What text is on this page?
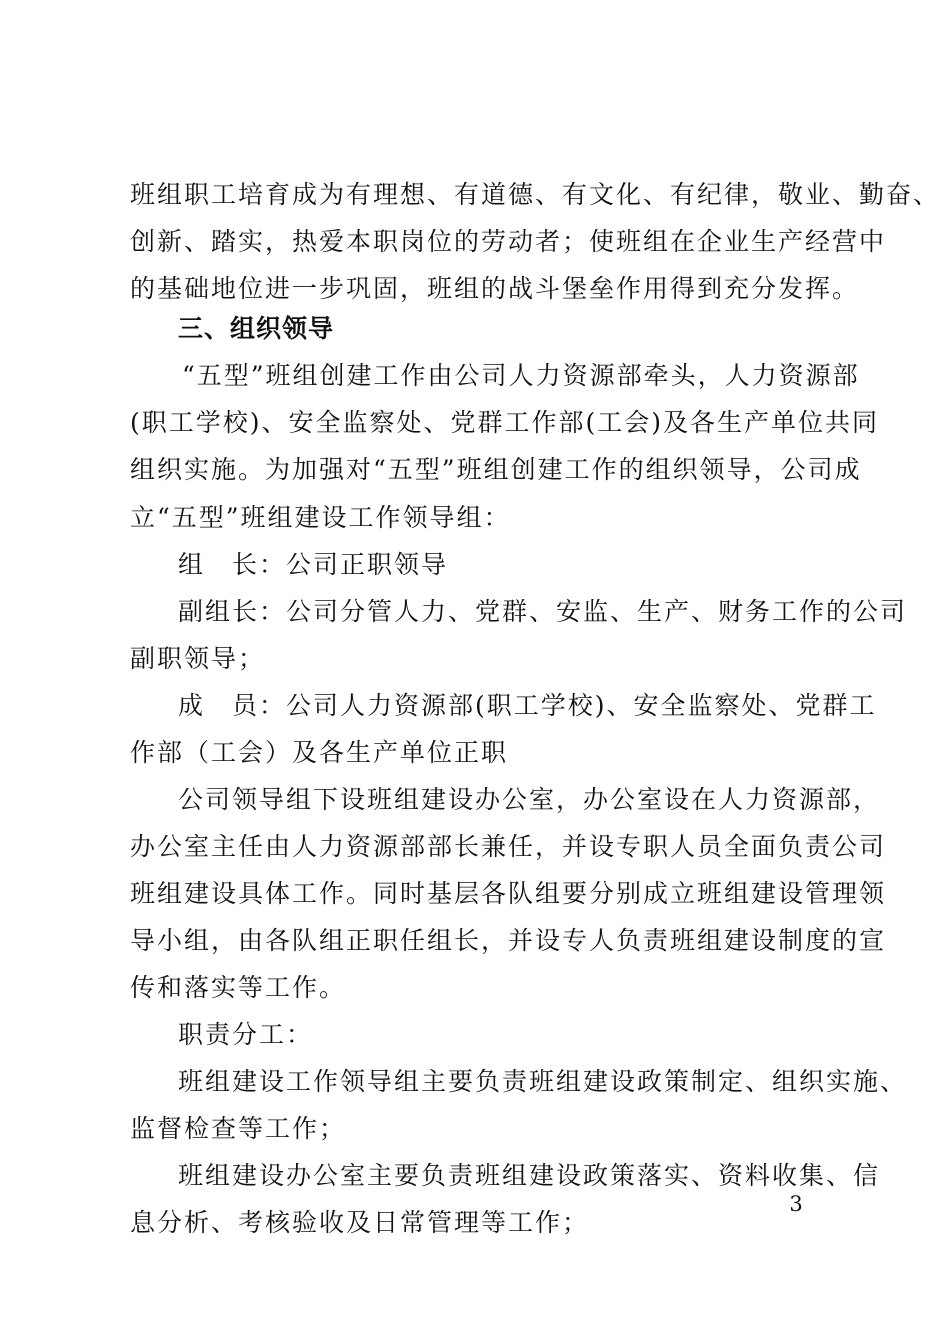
班组职工培育成为有理想、有道德、有文化、有纪律，敬业、勤奋、
创新、踏实，热爱本职岗位的劳动者；使班组在企业生产经营中
的基础地位进一步巩固，班组的战斗堡垒作用得到充分发挥。
三、组织领导
“五型”班组创建工作由公司人力资源部牵头，人力资源部
(职工学校)、安全监察处、党群工作部(工会)及各生产单位共同
组织实施。为加强对“五型”班组创建工作的组织领导，公司成
立“五型”班组建设工作领导组：
组　长：公司正职领导
副组长：公司分管人力、党群、安监、生产、财务工作的公司
副职领导；
成　员：公司人力资源部(职工学校)、安全监察处、党群工
作部（工会）及各生产单位正职
公司领导组下设班组建设办公室，办公室设在人力资源部，
办公室主任由人力资源部部长兼任，并设专职人员全面负责公司
班组建设具体工作。同时基层各队组要分别成立班组建设管理领
导小组，由各队组正职任组长，并设专人负责班组建设制度的宣
传和落实等工作。
职责分工：
班组建设工作领导组主要负责班组建设政策制定、组织实施、
监督检查等工作；
班组建设办公室主要负责班组建设政策落实、资料收集、信
息分析、考核验收及日常管理等工作；
3
